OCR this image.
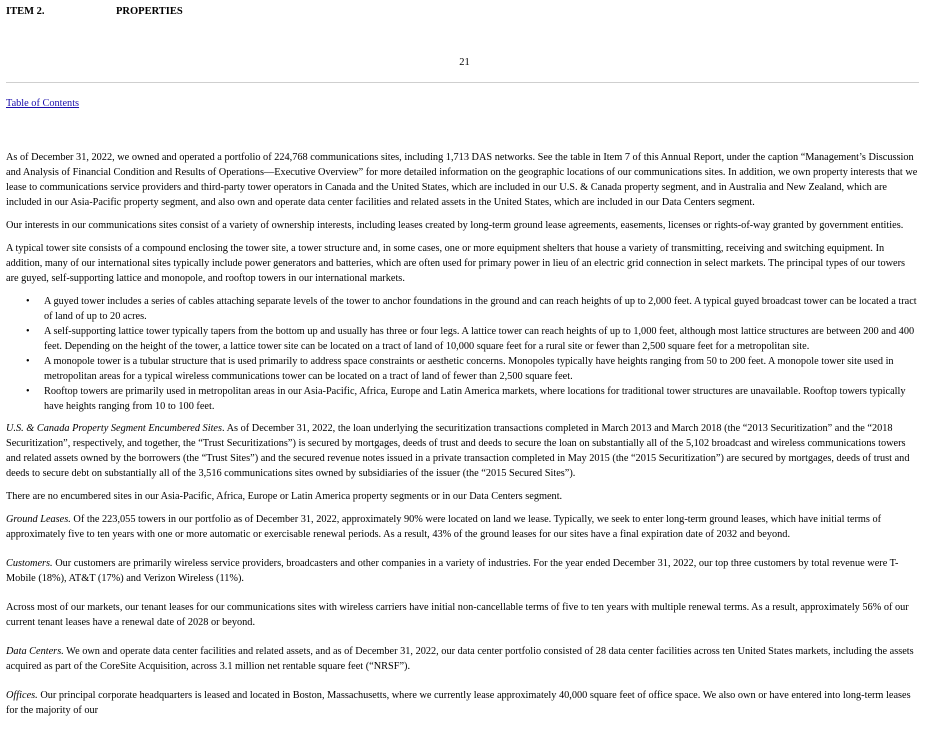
ITEM 2.	PROPERTIES
21
Table of Contents

As of December 31, 2022, we owned and operated a portfolio of 224,768 communications sites, including 1,713 DAS networks. See the table in Item 7 of this Annual Report, under the caption “Management’s Discussion and Analysis of Financial Condition and Results of Operations—Executive Overview” for more detailed information on the geographic locations of our communications sites. In addition, we own property interests that we lease to communications service providers and third-party tower operators in Canada and the United States, which are included in our U.S. & Canada property segment, and in Australia and New Zealand, which are included in our Asia-Pacific property segment, and also own and operate data center facilities and related assets in the United States, which are included in our Data Centers segment.

Our interests in our communications sites consist of a variety of ownership interests, including leases created by long-term ground lease agreements, easements, licenses or rights-of-way granted by government entities.

A typical tower site consists of a compound enclosing the tower site, a tower structure and, in some cases, one or more equipment shelters that house a variety of transmitting, receiving and switching equipment. In addition, many of our international sites typically include power generators and batteries, which are often used for primary power in lieu of an electric grid connection in select markets. The principal types of our towers are guyed, self-supporting lattice and monopole, and rooftop towers in our international markets.

• A guyed tower includes a series of cables attaching separate levels of the tower to anchor foundations in the ground and can reach heights of up to 2,000 feet. A typical guyed broadcast tower can be located a tract of land of up to 20 acres.
• A self-supporting lattice tower typically tapers from the bottom up and usually has three or four legs. A lattice tower can reach heights of up to 1,000 feet, although most lattice structures are between 200 and 400 feet. Depending on the height of the tower, a lattice tower site can be located on a tract of land of 10,000 square feet for a rural site or fewer than 2,500 square feet for a metropolitan site.
• A monopole tower is a tubular structure that is used primarily to address space constraints or aesthetic concerns. Monopoles typically have heights ranging from 50 to 200 feet. A monopole tower site used in metropolitan areas for a typical wireless communications tower can be located on a tract of land of fewer than 2,500 square feet.
• Rooftop towers are primarily used in metropolitan areas in our Asia-Pacific, Africa, Europe and Latin America markets, where locations for traditional tower structures are unavailable. Rooftop towers typically have heights ranging from 10 to 100 feet.

U.S. & Canada Property Segment Encumbered Sites. As of December 31, 2022, the loan underlying the securitization transactions completed in March 2013 and March 2018 (the “2013 Securitization” and the “2018 Securitization”, respectively, and together, the “Trust Securitizations”) is secured by mortgages, deeds of trust and deeds to secure the loan on substantially all of the 5,102 broadcast and wireless communications towers and related assets owned by the borrowers (the “Trust Sites”) and the secured revenue notes issued in a private transaction completed in May 2015 (the “2015 Securitization”) are secured by mortgages, deeds of trust and deeds to secure debt on substantially all of the 3,516 communications sites owned by subsidiaries of the issuer (the “2015 Secured Sites”).

There are no encumbered sites in our Asia-Pacific, Africa, Europe or Latin America property segments or in our Data Centers segment.

Ground Leases. Of the 223,055 towers in our portfolio as of December 31, 2022, approximately 90% were located on land we lease. Typically, we seek to enter long-term ground leases, which have initial terms of approximately five to ten years with one or more automatic or exercisable renewal periods. As a result, 43% of the ground leases for our sites have a final expiration date of 2032 and beyond.

Customers. Our customers are primarily wireless service providers, broadcasters and other companies in a variety of industries. For the year ended December 31, 2022, our top three customers by total revenue were T-Mobile (18%), AT&T (17%) and Verizon Wireless (11%).

Across most of our markets, our tenant leases for our communications sites with wireless carriers have initial non-cancellable terms of five to ten years with multiple renewal terms. As a result, approximately 56% of our current tenant leases have a renewal date of 2028 or beyond.

Data Centers. We own and operate data center facilities and related assets, and as of December 31, 2022, our data center portfolio consisted of 28 data center facilities across ten United States markets, including the assets acquired as part of the CoreSite Acquisition, across 3.1 million net rentable square feet (“NRSF”).

Offices. Our principal corporate headquarters is leased and located in Boston, Massachusetts, where we currently lease approximately 40,000 square feet of office space. We also own or have entered into long-term leases for the majority of our
